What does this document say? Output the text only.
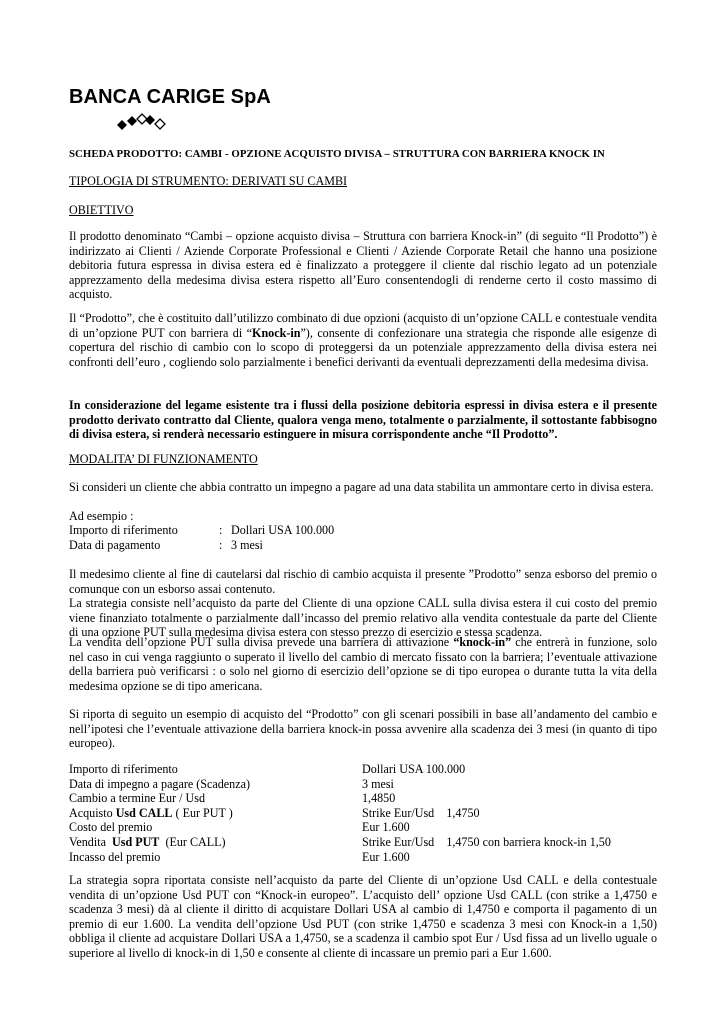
BANCA CARIGE SpA
SCHEDA PRODOTTO: CAMBI - OPZIONE ACQUISTO DIVISA – STRUTTURA CON BARRIERA KNOCK IN
TIPOLOGIA DI STRUMENTO: DERIVATI SU CAMBI
OBIETTIVO

Il prodotto denominato “Cambi – opzione acquisto divisa – Struttura con barriera Knock-in” (di seguito “Il Prodotto”) è indirizzato ai Clienti / Aziende Corporate Professional e Clienti / Aziende Corporate Retail che hanno una posizione debitoria futura espressa in divisa estera ed è finalizzato a proteggere il cliente dal rischio legato ad un potenziale apprezzamento della medesima divisa estera rispetto all’Euro consentendogli di renderne certo il costo massimo di acquisto.

Il “Prodotto”, che è costituito dall’utilizzo combinato di due opzioni (acquisto di un’opzione CALL e contestuale vendita di un’opzione PUT con barriera di “Knock-in”), consente di confezionare una strategia che risponde alle esigenze di copertura del rischio di cambio con lo scopo di proteggersi da un potenziale apprezzamento della divisa estera nei confronti dell’euro , cogliendo solo parzialmente i benefici derivanti da eventuali deprezzamenti della medesima divisa.

In considerazione del legame esistente tra i flussi della posizione debitoria espressi in divisa estera e il presente prodotto derivato contratto dal Cliente, qualora venga meno, totalmente o parzialmente, il sottostante fabbisogno di divisa estera, si renderà necessario estinguere in misura corrispondente anche “Il Prodotto”.

MODALITA’ DI FUNZIONAMENTO

Si consideri un cliente che abbia contratto un impegno a pagare ad una data stabilita un ammontare certo in divisa estera.

Ad esempio :
Importo di riferimento	: Dollari USA 100.000
Data di pagamento	: 3 mesi

Il medesimo cliente al fine di cautelarsi dal rischio di cambio acquista il presente ”Prodotto” senza esborso del premio o comunque con un esborso assai contenuto.

La strategia consiste nell’acquisto da parte del Cliente di una opzione CALL sulla divisa estera il cui costo del premio viene finanziato totalmente o parzialmente dall’incasso del premio relativo alla vendita contestuale da parte del Cliente di una opzione PUT sulla medesima divisa estera con stesso prezzo di esercizio e stessa scadenza.

La vendita dell’opzione PUT sulla divisa prevede una barriera di attivazione “knock-in” che entrerà in funzione, solo nel caso in cui venga raggiunto o superato il livello del cambio di mercato fissato con la barriera; l’eventuale attivazione della barriera può verificarsi : o solo nel giorno di esercizio dell’opzione se di tipo europea o durante tutta la vita della medesima opzione se di tipo americana.

Si riporta di seguito un esempio di acquisto del “Prodotto” con gli scenari possibili in base all’andamento del cambio e nell’ipotesi che l’eventuale attivazione della barriera knock-in possa avvenire alla scadenza dei 3 mesi (in quanto di tipo europeo).

Importo di riferimento	Dollari USA 100.000
Data di impegno a pagare (Scadenza)	3 mesi
Cambio a termine Eur / Usd	1,4850
Acquisto Usd CALL ( Eur PUT )	Strike Eur/Usd    1,4750
Costo del premio	Eur 1.600
Vendita  Usd PUT  (Eur CALL)	Strike Eur/Usd    1,4750 con barriera knock-in 1,50
Incasso del premio	Eur 1.600

La strategia sopra riportata consiste nell’acquisto da parte del Cliente di un’opzione Usd CALL e della contestuale vendita di un’opzione Usd PUT con “Knock-in europeo”. L’acquisto dell’ opzione Usd CALL (con strike a 1,4750 e scadenza 3 mesi) dà al cliente il diritto di acquistare Dollari USA al cambio di 1,4750 e comporta il pagamento di un premio di eur 1.600. La vendita dell’opzione Usd PUT (con strike 1,4750 e scadenza 3 mesi con Knock-in a 1,50) obbliga il cliente ad acquistare Dollari USA a 1,4750, se a scadenza il cambio spot Eur / Usd fissa ad un livello uguale o superiore al livello di knock-in di 1,50 e consente al cliente di incassare un premio pari a Eur 1.600.
